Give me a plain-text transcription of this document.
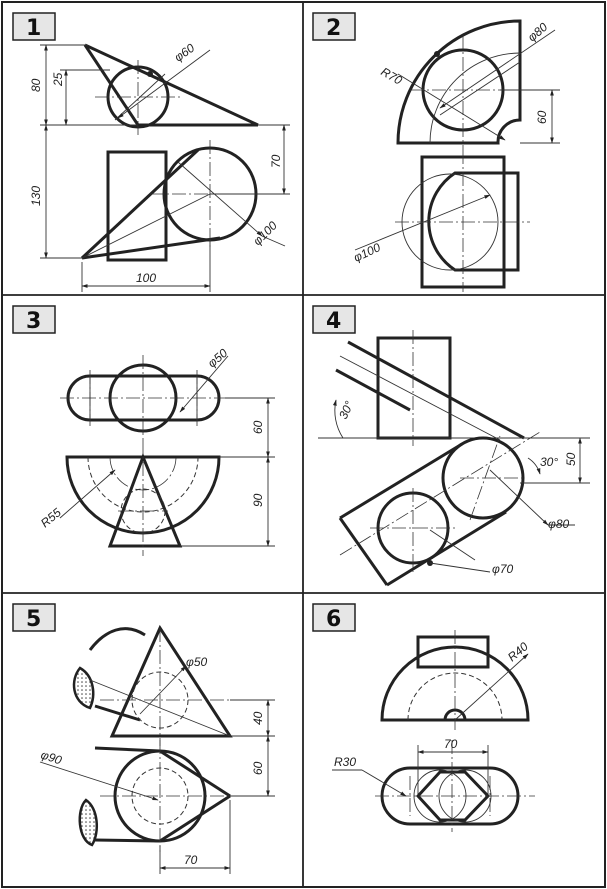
1
φ60
80 25
130
70
100
φ100
2	φ80
R70
60
φ100
3
φ50
60
90
R55
4
30°
30° 50
φ80
φ70
5
φ50
40
60
φ90
70
6
R40
70
R30
